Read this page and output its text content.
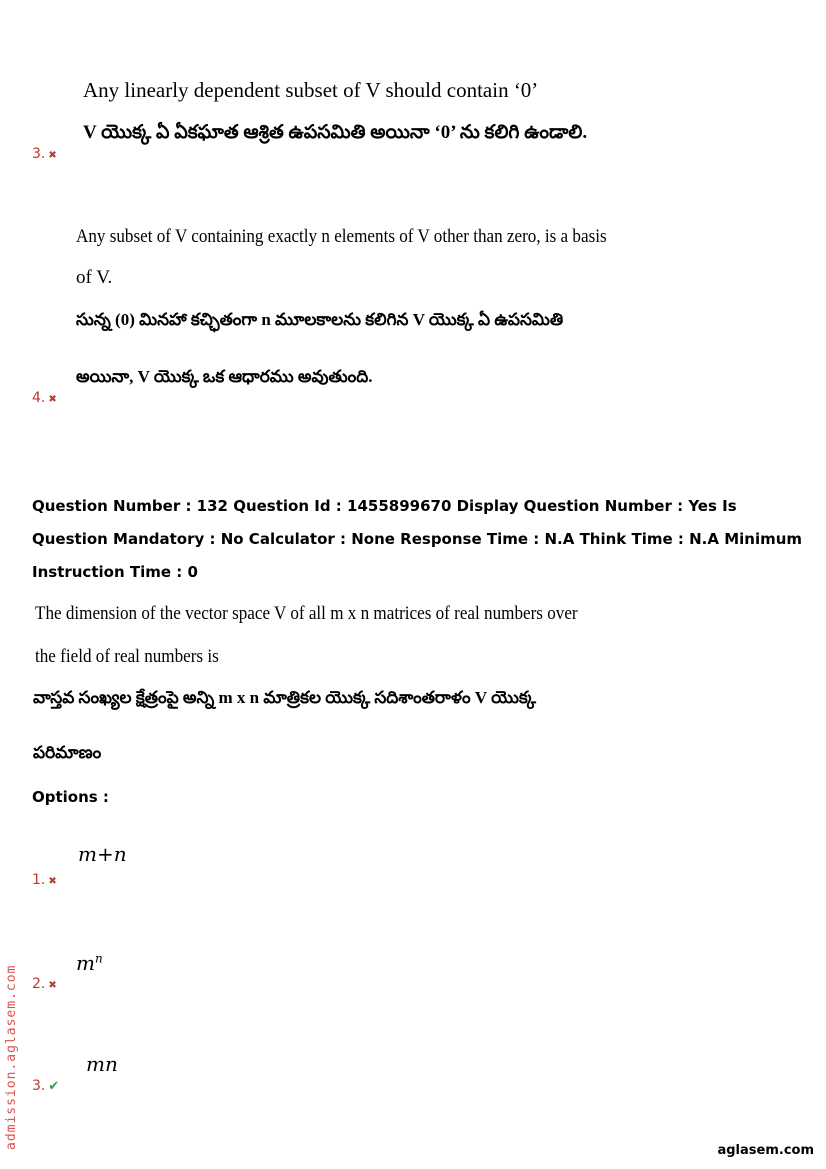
Any linearly dependent subset of V should contain ‘0’
V యొక్క ఏ ఏకఘాత ఆశ్రిత ఉపసమితి అయినా ‘0’ ను కలిగి ఉండాలి.
3. ✖
Any subset of V containing exactly n elements of V other than zero, is a basis
of V.
సున్న (0) మినహా కచ్ఛితంగా n మూలకాలను కలిగిన V యొక్క ఏ ఉపసమితి
అయినా, V యొక్క ఒక ఆధారము అవుతుంది.
4. ✖
Question Number : 132 Question Id : 1455899670 Display Question Number : Yes Is Question Mandatory : No Calculator : None Response Time : N.A Think Time : N.A Minimum Instruction Time : 0
The dimension of the vector space V of all m x n matrices of real numbers over
the field of real numbers is
వాస్తవ సంఖ్యల క్షేత్రంపై అన్ని m x n మాత్రికల యొక్క సదిశాంతరాళం V యొక్క
పరిమాణం
Options :
m+n
1. ✖
$m^n$
2. ✖
mn
3. ✔
admission.aglasem.com
aglasem.com
